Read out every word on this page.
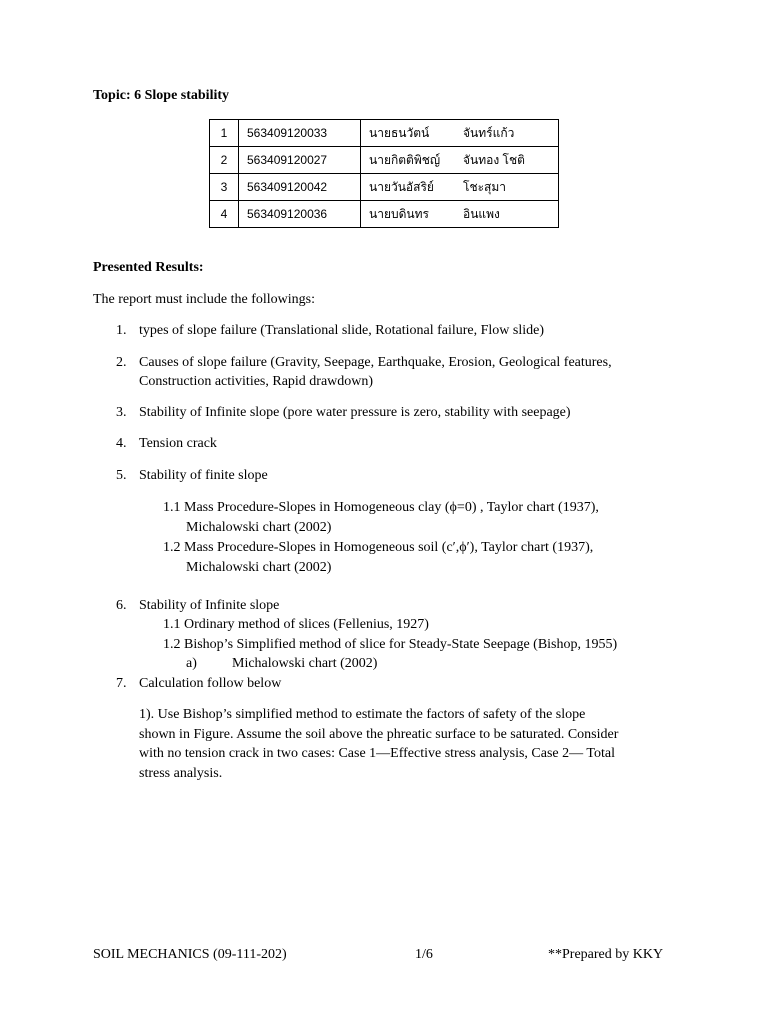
Topic: 6 Slope stability
1	563409120033	นายธนวัตน์	จันทร์แก้ว
2	563409120027	นายกิตติพิชญ์	จันทอง โชติ
3	563409120042	นายวันอัสริย์	โชะสุมา
4	563409120036	นายบดินทร	อินแพง
Presented Results:
The report must include the followings:
1. types of slope failure (Translational slide, Rotational failure, Flow slide)
2. Causes of slope failure (Gravity, Seepage, Earthquake, Erosion, Geological features,
Construction activities, Rapid drawdown)
3. Stability of Infinite slope (pore water pressure is zero, stability with seepage)
4. Tension crack
5. Stability of finite slope
1.1 Mass Procedure-Slopes in Homogeneous clay (ϕ=0) , Taylor chart (1937),
Michalowski chart (2002)
1.2 Mass Procedure-Slopes in Homogeneous soil (c′,ϕ′), Taylor chart (1937),
Michalowski chart (2002)
6. Stability of Infinite slope
1.1 Ordinary method of slices (Fellenius, 1927)
1.2 Bishop’s Simplified method of slice for Steady-State Seepage (Bishop, 1955)
a)	Michalowski chart (2002)
7. Calculation follow below
1). Use Bishop’s simplified method to estimate the factors of safety of the slope
shown in Figure. Assume the soil above the phreatic surface to be saturated. Consider
with no tension crack in two cases: Case 1—Effective stress analysis, Case 2— Total
stress analysis.
SOIL MECHANICS (09-111-202)	1/6	**Prepared by KKY
